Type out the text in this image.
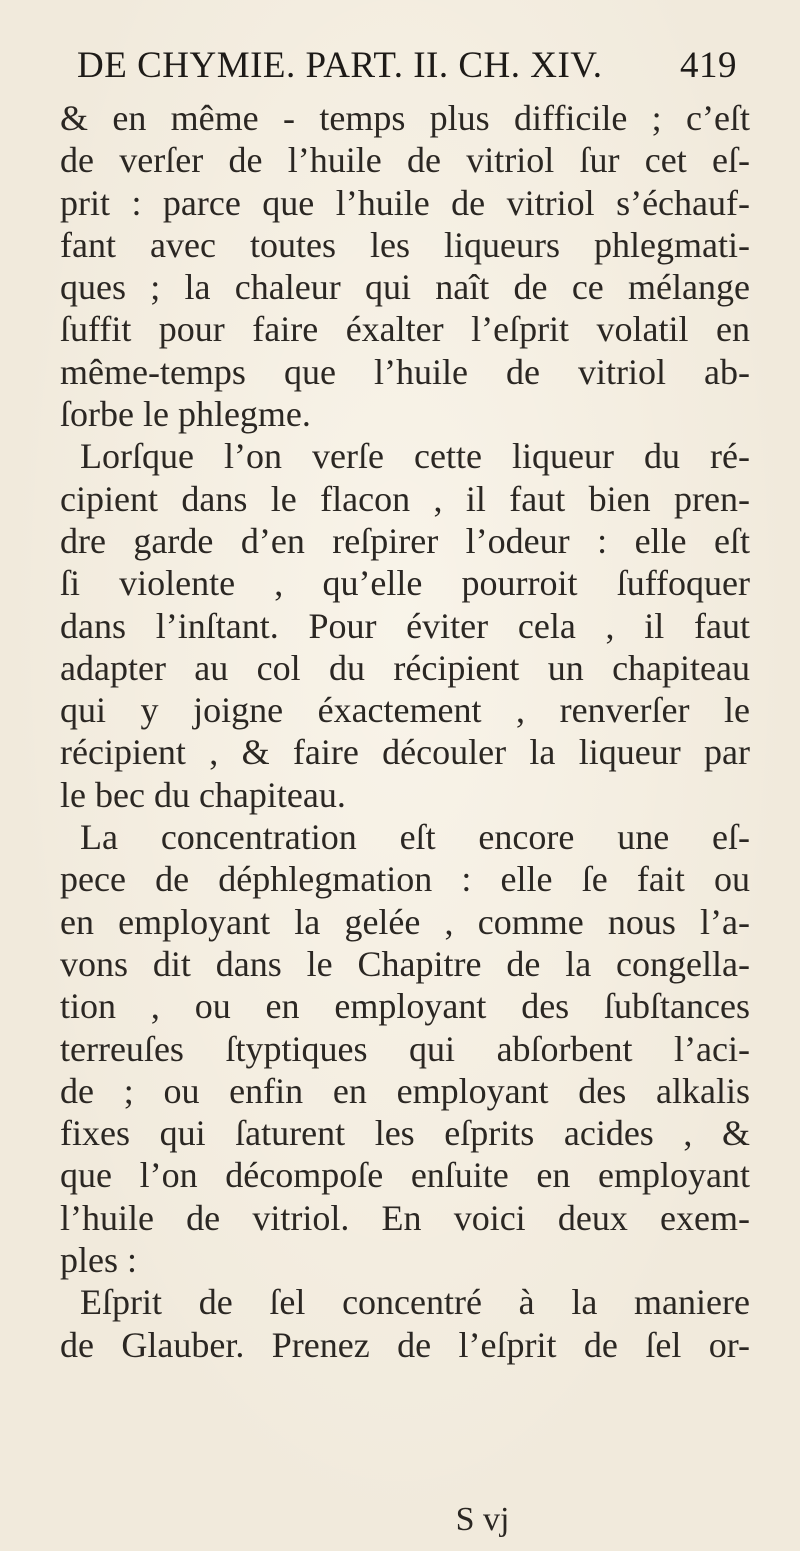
DE CHYMIE. PART. II. CH. XIV. 419
& en même - temps plus difficile ; c’eſt
de verſer de l’huile de vitriol ſur cet eſ-
prit : parce que l’huile de vitriol s’échauf-
fant avec toutes les liqueurs phlegmati-
ques ; la chaleur qui naît de ce mélange
ſuffit pour faire éxalter l’eſprit volatil en
même-temps que l’huile de vitriol ab-
ſorbe le phlegme.
Lorſque l’on verſe cette liqueur du ré-
cipient dans le flacon , il faut bien pren-
dre garde d’en reſpirer l’odeur : elle eſt
ſi violente , qu’elle pourroit ſuffoquer
dans l’inſtant. Pour éviter cela , il faut
adapter au col du récipient un chapiteau
qui y joigne éxactement , renverſer le
récipient , & faire découler la liqueur par
le bec du chapiteau.
La concentration eſt encore une eſ-
pece de déphlegmation : elle ſe fait ou
en employant la gelée , comme nous l’a-
vons dit dans le Chapitre de la congella-
tion , ou en employant des ſubſtances
terreuſes ſtyptiques qui abſorbent l’aci-
de ; ou enfin en employant des alkalis
fixes qui ſaturent les eſprits acides , &
que l’on décompoſe enſuite en employant
l’huile de vitriol. En voici deux exem-
ples :
Eſprit de ſel concentré à la maniere
de Glauber. Prenez de l’eſprit de ſel or-
S vj
